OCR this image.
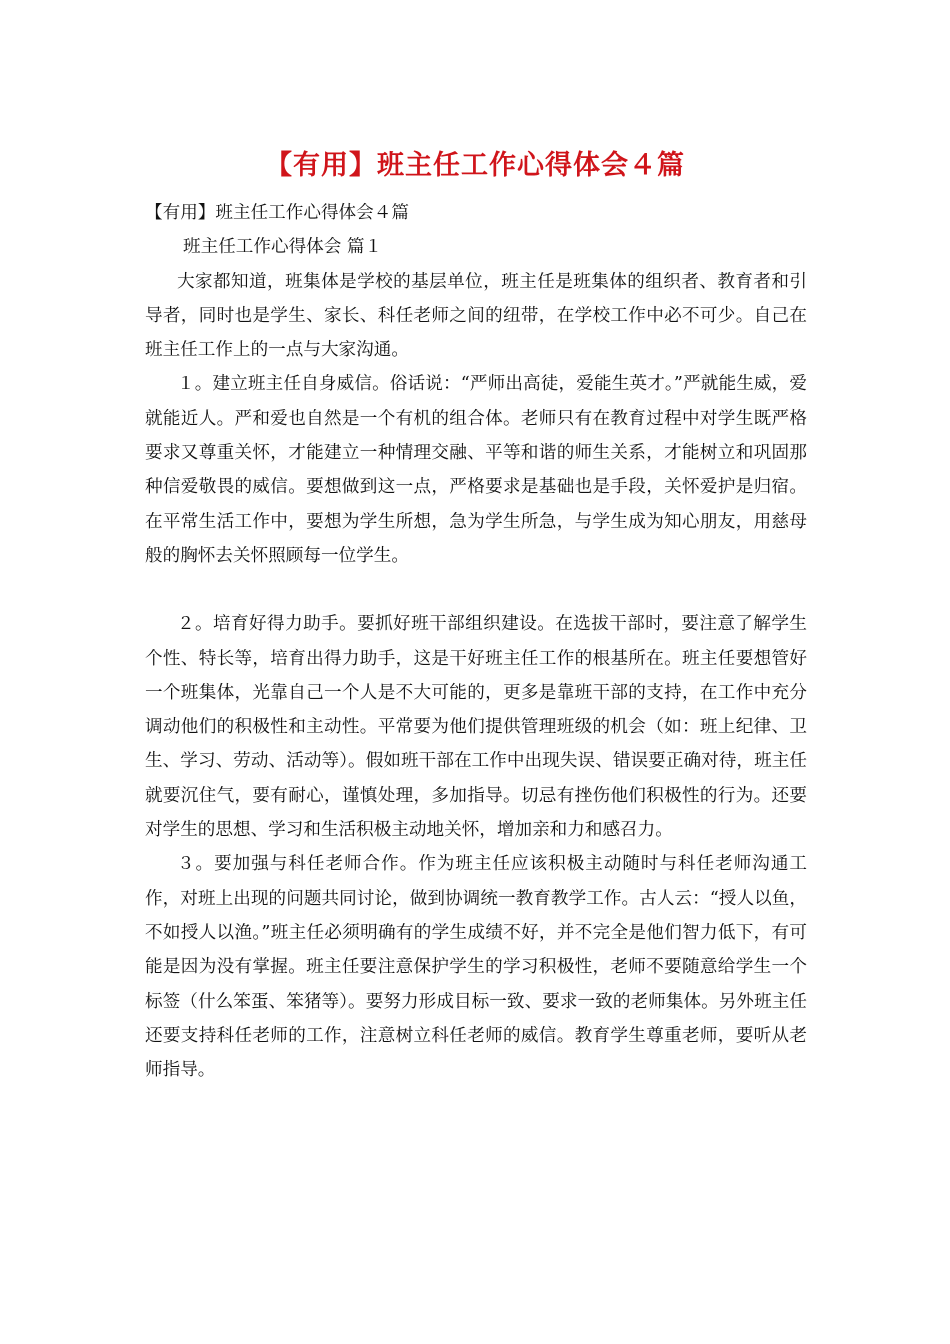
【有用】班主任工作心得体会４篇

【有用】班主任工作心得体会４篇

班主任工作心得体会 篇１

大家都知道，班集体是学校的基层单位，班主任是班集体的组织者、教育者和引导者，同时也是学生、家长、科任老师之间的纽带，在学校工作中必不可少。自己在班主任工作上的一点与大家沟通。

１。建立班主任自身威信。俗话说：“严师出高徒，爱能生英才。”严就能生威，爱就能近人。严和爱也自然是一个有机的组合体。老师只有在教育过程中对学生既严格要求又尊重关怀，才能建立一种情理交融、平等和谐的师生关系，才能树立和巩固那种信爱敬畏的威信。要想做到这一点，严格要求是基础也是手段，关怀爱护是归宿。在平常生活工作中，要想为学生所想，急为学生所急，与学生成为知心朋友，用慈母般的胸怀去关怀照顾每一位学生。

２。培育好得力助手。要抓好班干部组织建设。在选拔干部时，要注意了解学生个性、特长等，培育出得力助手，这是干好班主任工作的根基所在。班主任要想管好一个班集体，光靠自己一个人是不大可能的，更多是靠班干部的支持，在工作中充分调动他们的积极性和主动性。平常要为他们提供管理班级的机会（如：班上纪律、卫生、学习、劳动、活动等）。假如班干部在工作中出现失误、错误要正确对待，班主任就要沉住气，要有耐心，谨慎处理，多加指导。切忌有挫伤他们积极性的行为。还要对学生的思想、学习和生活积极主动地关怀，增加亲和力和感召力。

３。要加强与科任老师合作。作为班主任应该积极主动随时与科任老师沟通工作，对班上出现的问题共同讨论，做到协调统一教育教学工作。古人云：“授人以鱼，不如授人以渔。”班主任必须明确有的学生成绩不好，并不完全是他们智力低下，有可能是因为没有掌握。班主任要注意保护学生的学习积极性，老师不要随意给学生一个标签（什么笨蛋、笨猪等）。要努力形成目标一致、要求一致的老师集体。另外班主任还要支持科任老师的工作，注意树立科任老师的威信。教育学生尊重老师，要听从老师指导。
